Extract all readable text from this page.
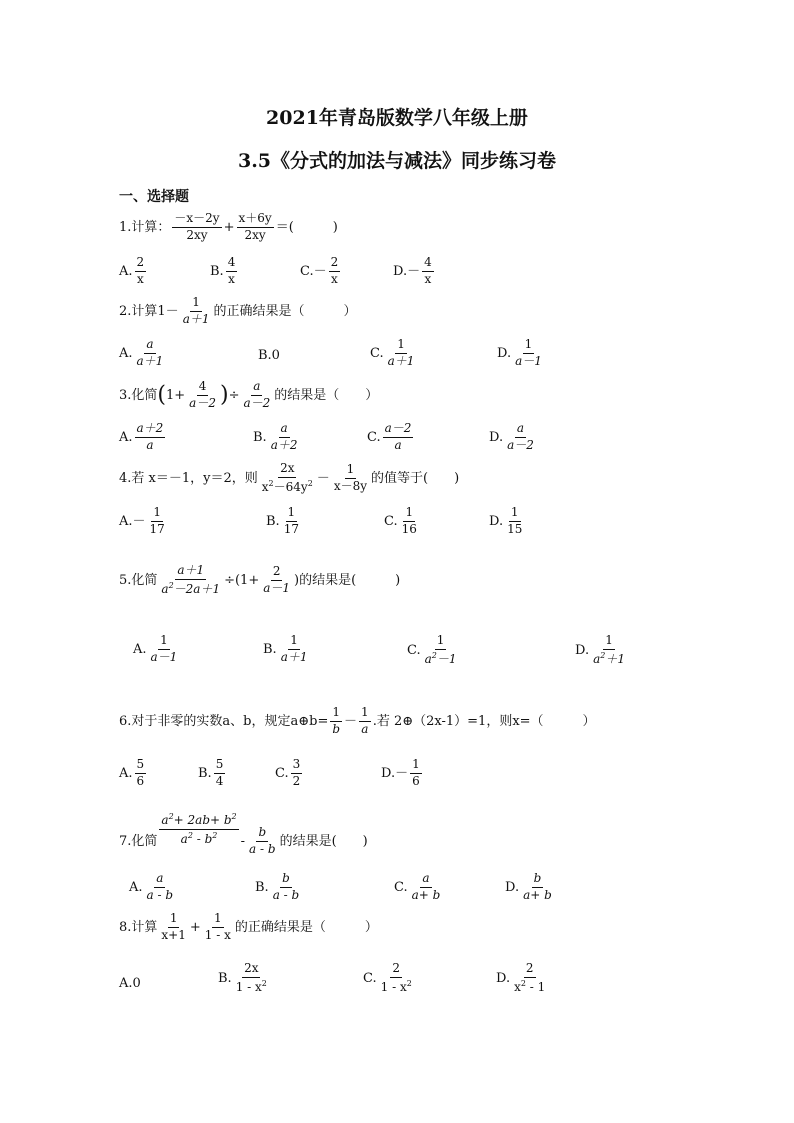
2021年青岛版数学八年级上册
3.5《分式的加法与减法》同步练习卷
一、选择题
1.计算： $\frac{-x-2y}{2xy} + \frac{x+6y}{2xy}$ ＝(　　　)
A. $\frac{2}{x}$	B. $\frac{4}{x}$	$C.- \frac{2}{x}$	$D.- \frac{4}{x}$
2.计算$1- \frac{1}{a+1}$ 的正确结果是（　　　）
A. $\frac{a}{a+1}$	B.0	C. $\frac{1}{a+1}$	D. $\frac{1}{a-1}$
3.化简($1+ \frac{4}{a-2}$ )÷ $\frac{a}{a-2}$ 的结果是（　　）
A. $\frac{a+2}{a}$	B. $\frac{a}{a+2}$	C. $\frac{a-2}{a}$	D. $\frac{a}{a-2}$
4.若 x＝－1，y＝2，则 $\frac{2x}{x^2-64y^2} - \frac{1}{x-8y}$ 的值等于(　　)
$A.- \frac{1}{17}$	B. $\frac{1}{17}$	C. $\frac{1}{16}$	D. $\frac{1}{15}$
5.化简 $\frac{a+1}{a^2-2a+1} \div(1+ \frac{2}{a-1}$ )的结果是(　　　)
A. $\frac{1}{a-1}$	B. $\frac{1}{a+1}$	C. $\frac{1}{a^2-1}$	D. $\frac{1}{a^2+1}$
6.对于非零的实数a、b，规定a⊕b= $\frac{1}{b} - \frac{1}{a}$ .若 2⊕（2x-1）=1，则x=（　　　）
A. $\frac{5}{6}$	B. $\frac{5}{4}$	C. $\frac{3}{2}$	$D.- \frac{1}{6}$
7.化简 $\frac{a^2+ 2ab+ b^2}{a^2 - b^2} - \frac{b}{a - b}$ 的结果是(　　)
A. $\frac{a}{a - b}$	B. $\frac{b}{a - b}$	C. $\frac{a}{a+ b}$	D. $\frac{b}{a+ b}$
8.计算 $\frac{1}{x+1} + \frac{1}{1 - x}$ 的正确结果是（　　　）
A.0	B. $\frac{2x}{1 - x^2}$	C. $\frac{2}{1 - x^2}$	D. $\frac{2}{x^2 - 1}$
